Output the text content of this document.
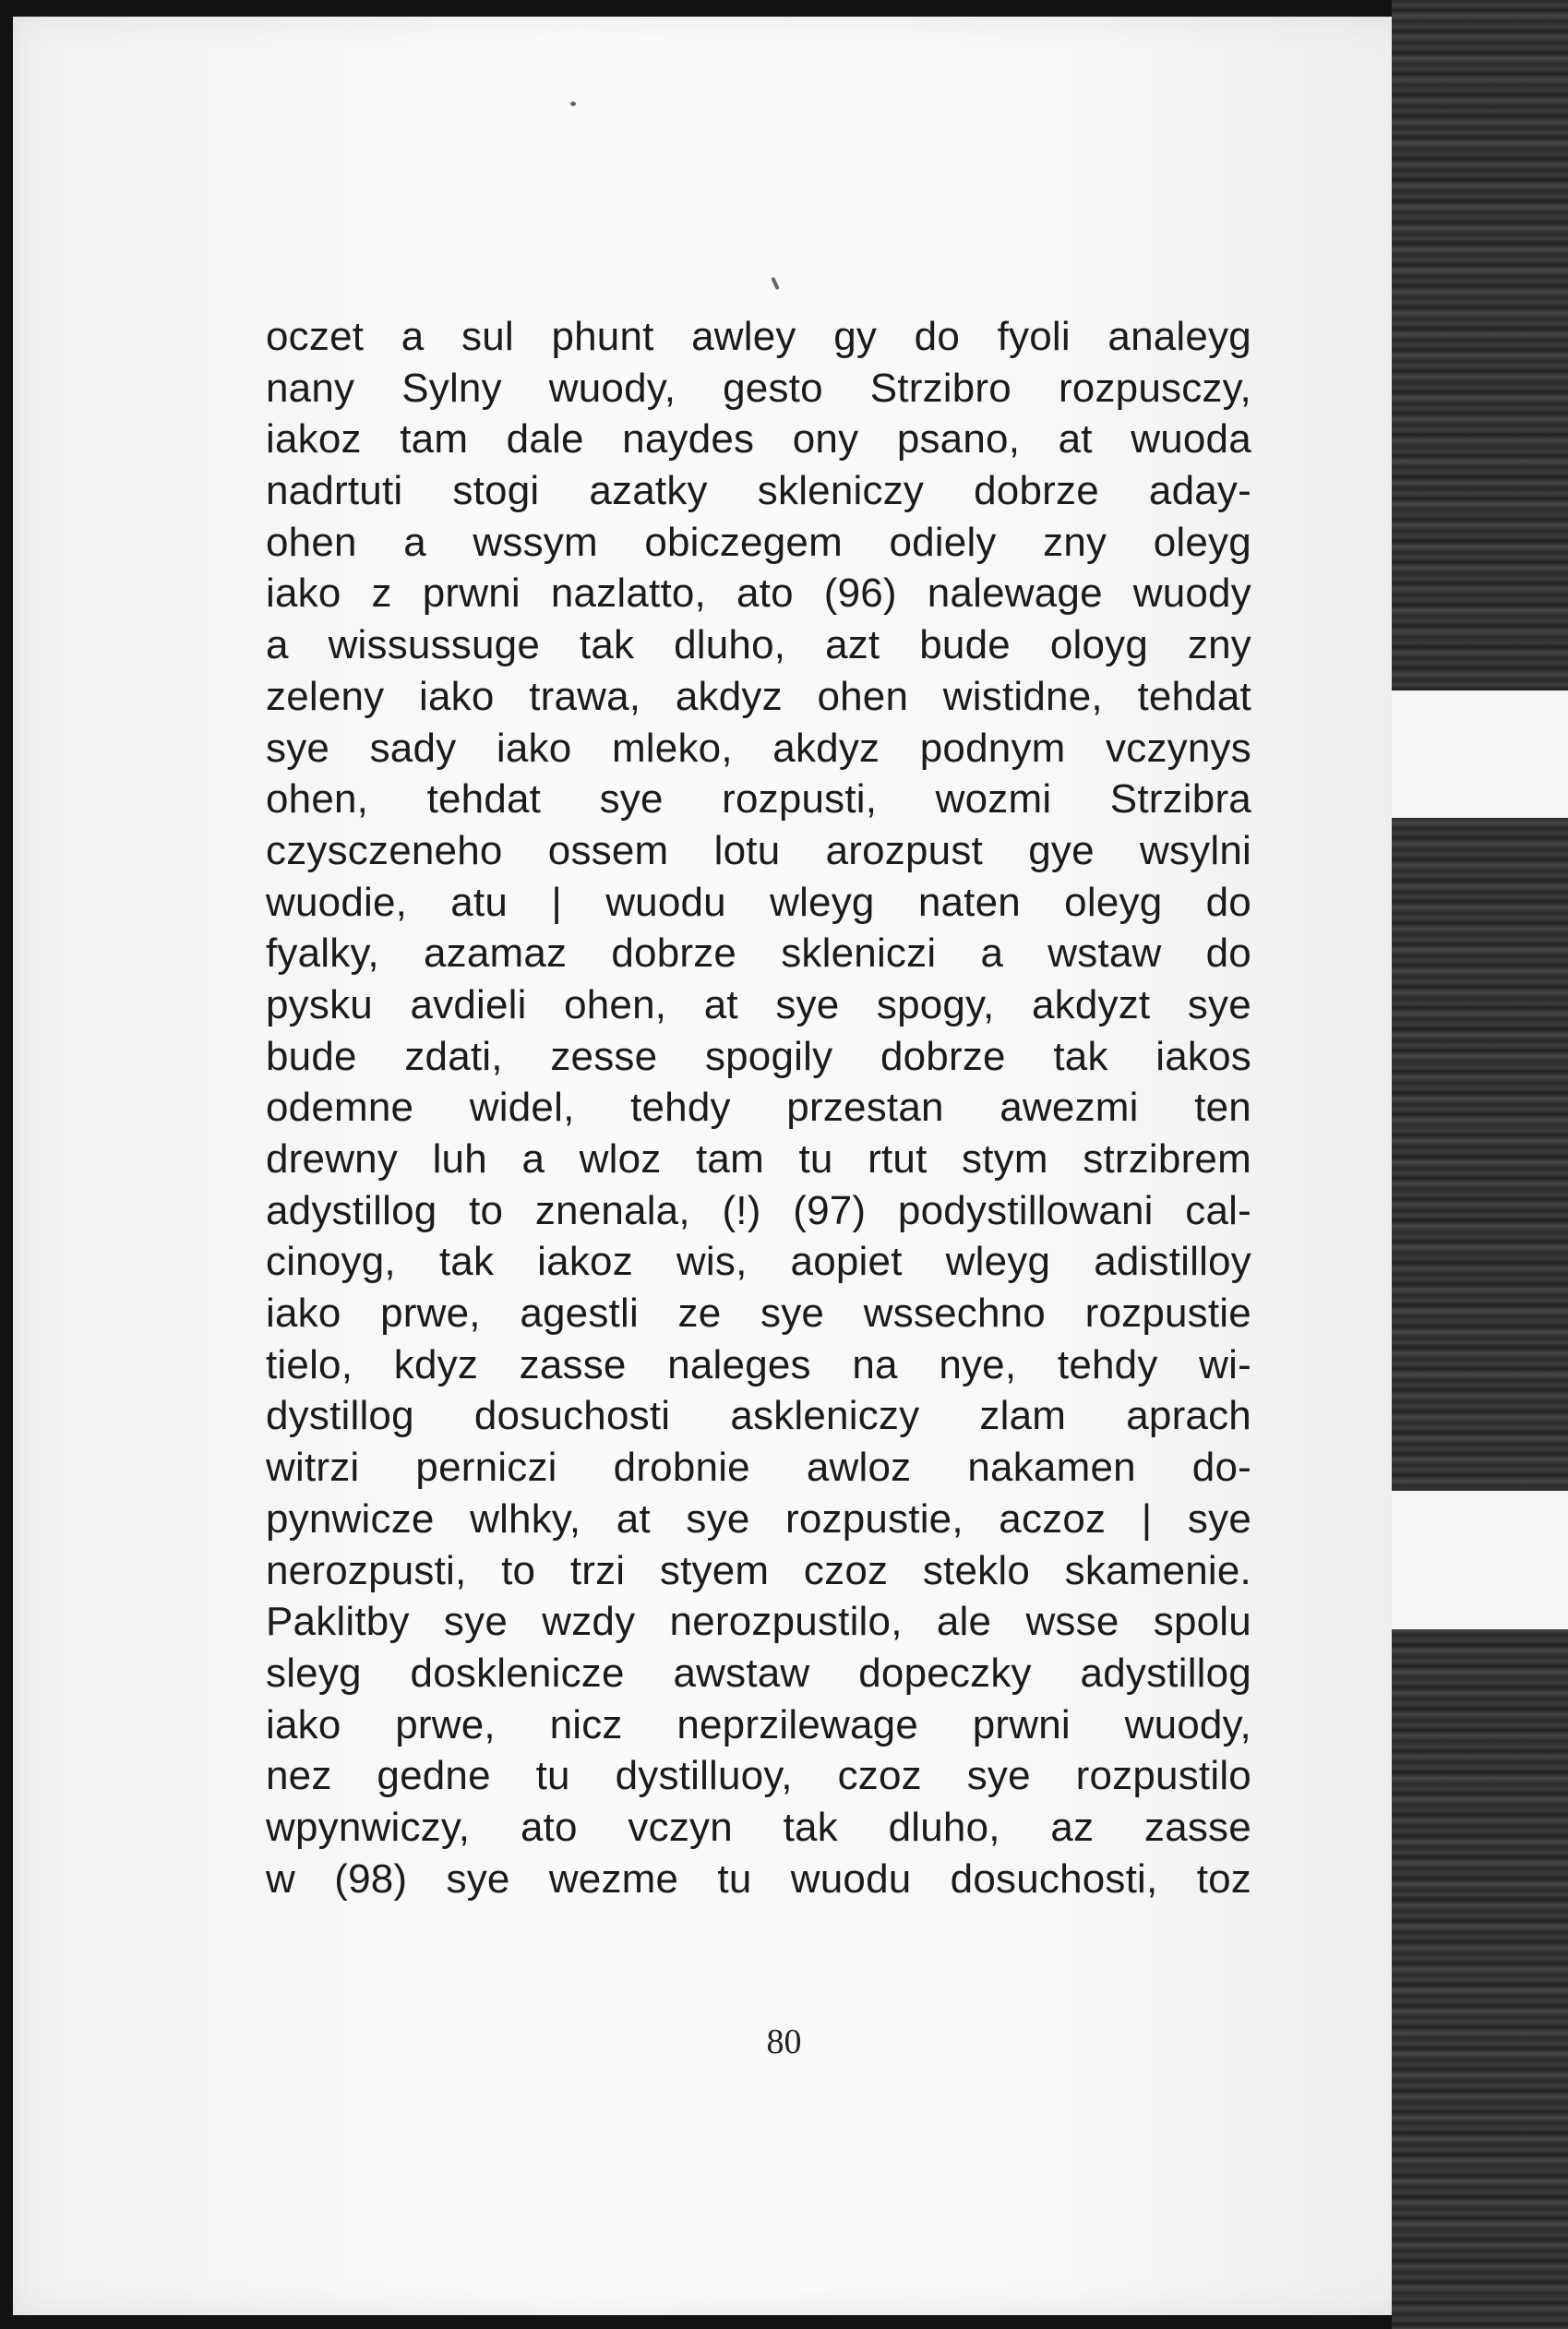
oczet a sul phunt awley gy do fyoli analeyg
nany Sylny wuody, gesto Strzibro rozpusczy,
iakoz tam dale naydes ony psano, at wuoda
nadrtuti stogi azatky skleniczy dobrze aday-
ohen a wssym obiczegem odiely zny oleyg
iako z prwni nazlatto, ato (96) nalewage wuody
a wissussuge tak dluho, azt bude oloyg zny
zeleny iako trawa, akdyz ohen wistidne, tehdat
sye sady iako mleko, akdyz podnym vczynys
ohen, tehdat sye rozpusti, wozmi Strzibra
czysczeneho ossem lotu arozpust gye wsylni
wuodie, atu | wuodu wleyg naten oleyg do
fyalky, azamaz dobrze skleniczi a wstaw do
pysku avdieli ohen, at sye spogy, akdyzt sye
bude zdati, zesse spogily dobrze tak iakos
odemne widel, tehdy przestan awezmi ten
drewny luh a wloz tam tu rtut stym strzibrem
adystillog to znenala, (!) (97) podystillowani cal-
cinoyg, tak iakoz wis, aopiet wleyg adistilloy
iako prwe, agestli ze sye wssechno rozpustie
tielo, kdyz zasse naleges na nye, tehdy wi-
dystillog dosuchosti askleniczy zlam aprach
witrzi perniczi drobnie awloz nakamen do-
pynwicze wlhky, at sye rozpustie, aczoz | sye
nerozpusti, to trzi styem czoz steklo skamenie.
Paklitby sye wzdy nerozpustilo, ale wsse spolu
sleyg dosklenicze awstaw dopeczky adystillog
iako prwe, nicz neprzilewage prwni wuody,
nez gedne tu dystilluoy, czoz sye rozpustilo
wpynwiczy, ato vczyn tak dluho, az zasse
w (98) sye wezme tu wuodu dosuchosti, toz
80
